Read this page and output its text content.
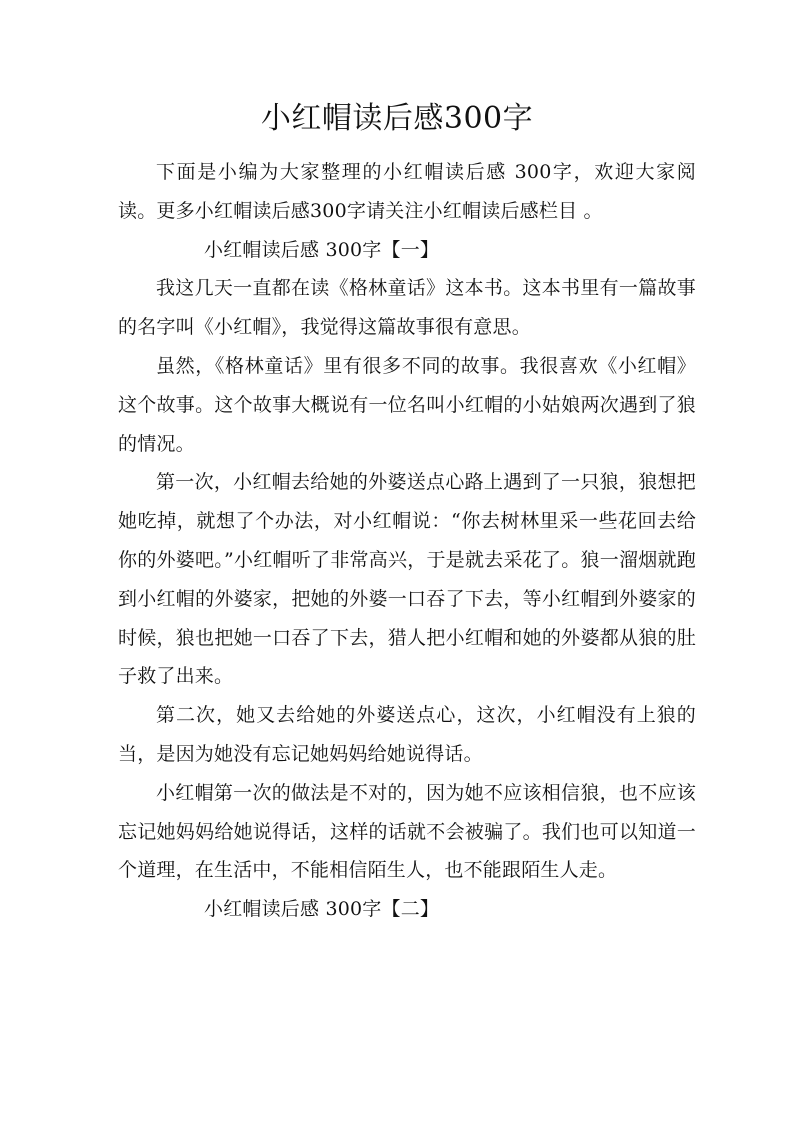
小红帽读后感300字

下面是小编为大家整理的小红帽读后感 300字，欢迎大家阅读。更多小红帽读后感300字请关注小红帽读后感栏目 。

小红帽读后感 300字【一】

我这几天一直都在读《格林童话》这本书。这本书里有一篇故事的名字叫《小红帽》，我觉得这篇故事很有意思。

虽然，《格林童话》里有很多不同的故事。我很喜欢《小红帽》这个故事。这个故事大概说有一位名叫小红帽的小姑娘两次遇到了狼的情况。

第一次，小红帽去给她的外婆送点心路上遇到了一只狼，狼想把她吃掉，就想了个办法，对小红帽说：“你去树林里采一些花回去给你的外婆吧。”小红帽听了非常高兴，于是就去采花了。狼一溜烟就跑到小红帽的外婆家，把她的外婆一口吞了下去，等小红帽到外婆家的时候，狼也把她一口吞了下去，猎人把小红帽和她的外婆都从狼的肚子救了出来。

第二次，她又去给她的外婆送点心，这次，小红帽没有上狼的当，是因为她没有忘记她妈妈给她说得话。

小红帽第一次的做法是不对的，因为她不应该相信狼，也不应该忘记她妈妈给她说得话，这样的话就不会被骗了。我们也可以知道一个道理，在生活中，不能相信陌生人，也不能跟陌生人走。

小红帽读后感 300字【二】
